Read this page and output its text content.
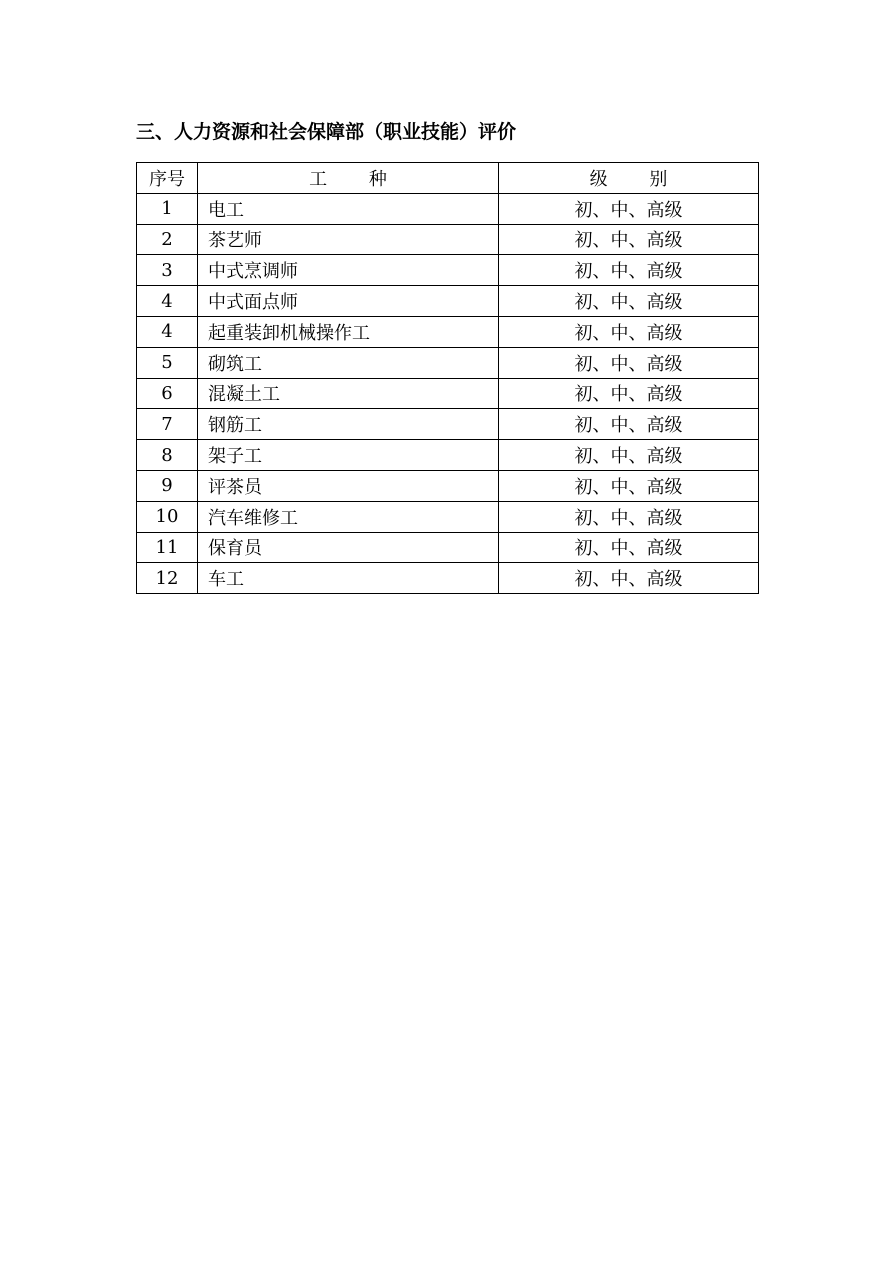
三、人力资源和社会保障部（职业技能）评价
序号	工 种	级 别
1	电工	初、中、高级
2	茶艺师	初、中、高级
3	中式烹调师	初、中、高级
4	中式面点师	初、中、高级
4	起重装卸机械操作工	初、中、高级
5	砌筑工	初、中、高级
6	混凝土工	初、中、高级
7	钢筋工	初、中、高级
8	架子工	初、中、高级
9	评茶员	初、中、高级
10	汽车维修工	初、中、高级
11	保育员	初、中、高级
12	车工	初、中、高级
